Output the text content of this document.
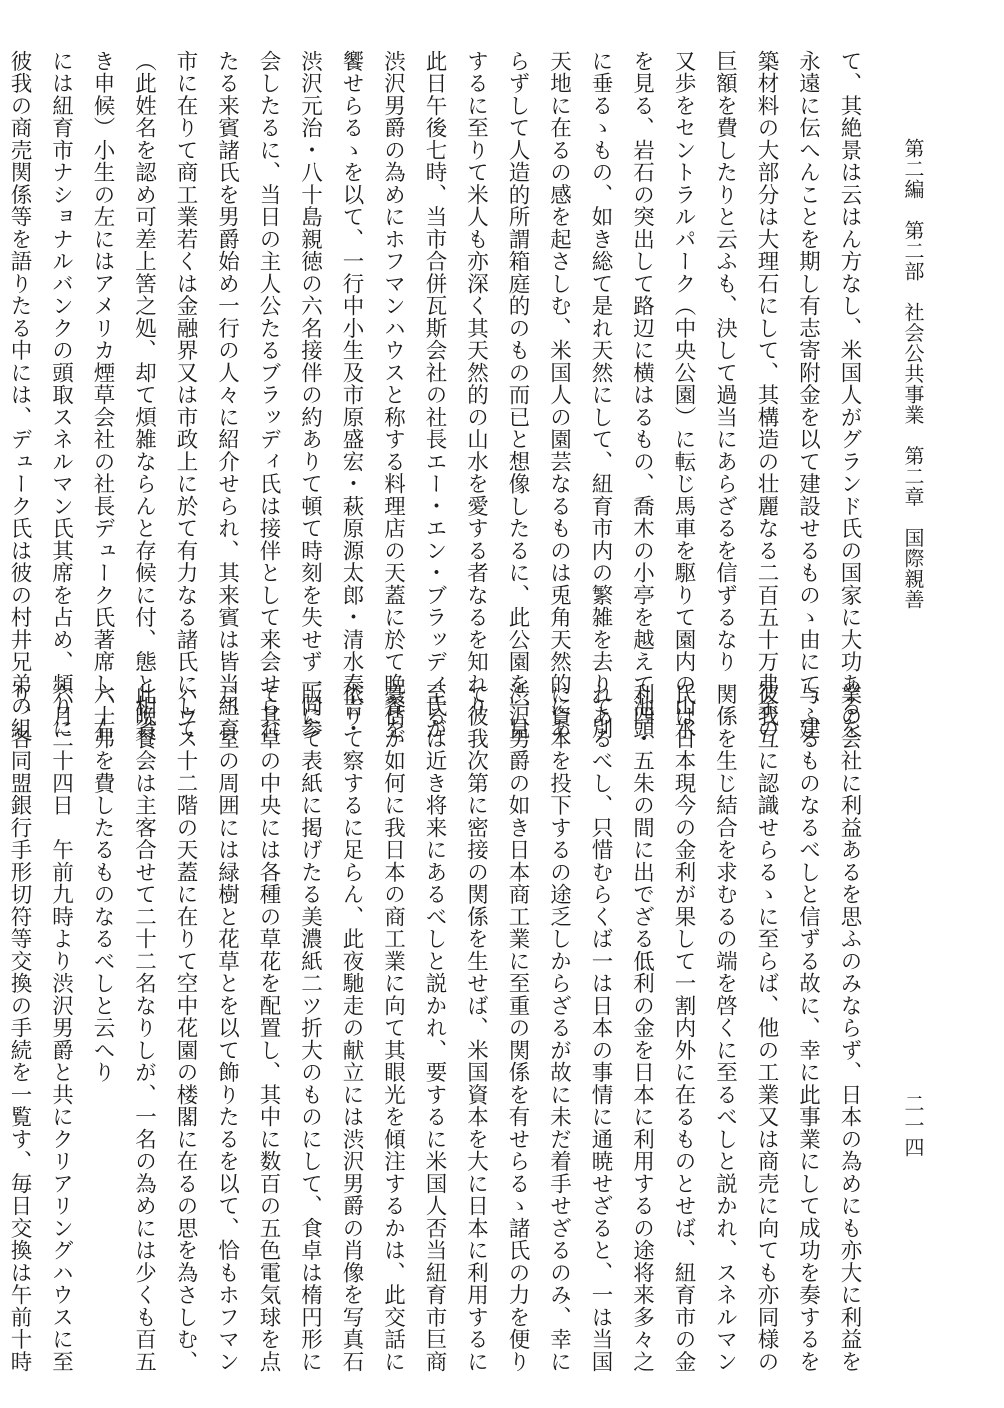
第二編　第二部　社会公共事業　第二章　国際親善
二一四
て、其絶景は云はん方なし、米国人がグランド氏の国家に大功あるを
永遠に伝へんことを期し有志寄附金を以て建設せるものゝ由にて、建
築材料の大部分は大理石にして、其構造の壮麗なる二百五十万弗余の
巨額を費したりと云ふも、決して過当にあらざるを信ずるなり
又歩をセントラルパーク（中央公園）に転じ馬車を駆りて園内の山水
を見る、岩石の突出して路辺に横はるもの、喬木の小亭を越えて池頭
に垂るゝもの、如き総て是れ天然にして、紐育市内の繁雑を去りて別
天地に在るの感を起さしむ、米国人の園芸なるものは兎角天然的にあ
らずして人造的所謂箱庭的のもの而已と想像したるに、此公園を一見
するに至りて米人も亦深く其天然的の山水を愛する者なるを知れり
此日午後七時、当市合併瓦斯会社の社長エー・エン・ブラッディ氏が
渋沢男爵の為めにホフマンハウスと称する料理店の天蓋に於て晩餐を
饗せらるゝを以て、一行中小生及市原盛宏・萩原源太郎・清水泰吉・
渋沢元治・八十島親徳の六名接伴の約ありて頓て時刻を失せず一同参
会したるに、当日の主人公たるブラッディ氏は接伴として来会せられ
たる来賓諸氏を男爵始め一行の人々に紹介せられ、其来賓は皆当紐育
市に在りて商工業若くは金融界又は市政上に於て有力なる諸氏にして
（此姓名を認め可差上筈之処、却て煩雑ならんと存候に付、態と相省
き申候）小生の左にはアメリカ煙草会社の社長デューク氏著席し、右
には紐育市ナショナルバンクの頭取スネルマン氏其席を占め、頻りに
彼我の商売関係等を語りたる中には、デューク氏は彼の村井兄弟の組
業の会社に利益あるを思ふのみならず、日本の為めにも亦大に利益を
与ふるものなるべしと信ずる故に、幸に此事業にして成功を奏するを
彼我互に認識せらるゝに至らば、他の工業又は商売に向ても亦同様の
関係を生じ結合を求むるの端を啓くに至るべしと説かれ、スネルマン
氏は日本現今の金利が果して一割内外に在るものとせば、紐育市の金
利四・五朱の間に出でざる低利の金を日本に利用するの途将来多々之
れあるべし、只惜むらくば一は日本の事情に通暁せざると、一は当国
に資本を投下するの途乏しからざるが故に未だ着手せざるのみ、幸に
渋沢男爵の如き日本商工業に至重の関係を有せらるゝ諸氏の力を便り
て彼我次第に密接の関係を生せば、米国資本を大に日本に利用するに
至るは近き将来にあるべしと説かれ、要するに米国人否当紐育市巨商
豪估が如何に我日本の商工業に向て其眼光を傾注するかは、此交話に
依りて察するに足らん、此夜馳走の献立には渋沢男爵の肖像を写真石
版にて表紙に掲げたる美濃紙二ツ折大のものにして、食卓は楕円形に
て其卓の中央には各種の草花を配置し、其中に数百の五色電気球を点
じ、室の周囲には緑樹と花草とを以て飾りたるを以て、恰もホフマン
ハウス十二階の天蓋に在りて空中花園の楼閣に在るの思を為さしむ、
此晩餐会は主客合せて二十二名なりしが、一名の為めには少くも百五
六十弗を費したるものなるべしと云へり
六月二十四日　午前九時より渋沢男爵と共にクリアリングハウスに至
り、各同盟銀行手形切符等交換の手続を一覧す、毎日交換は午前十時
